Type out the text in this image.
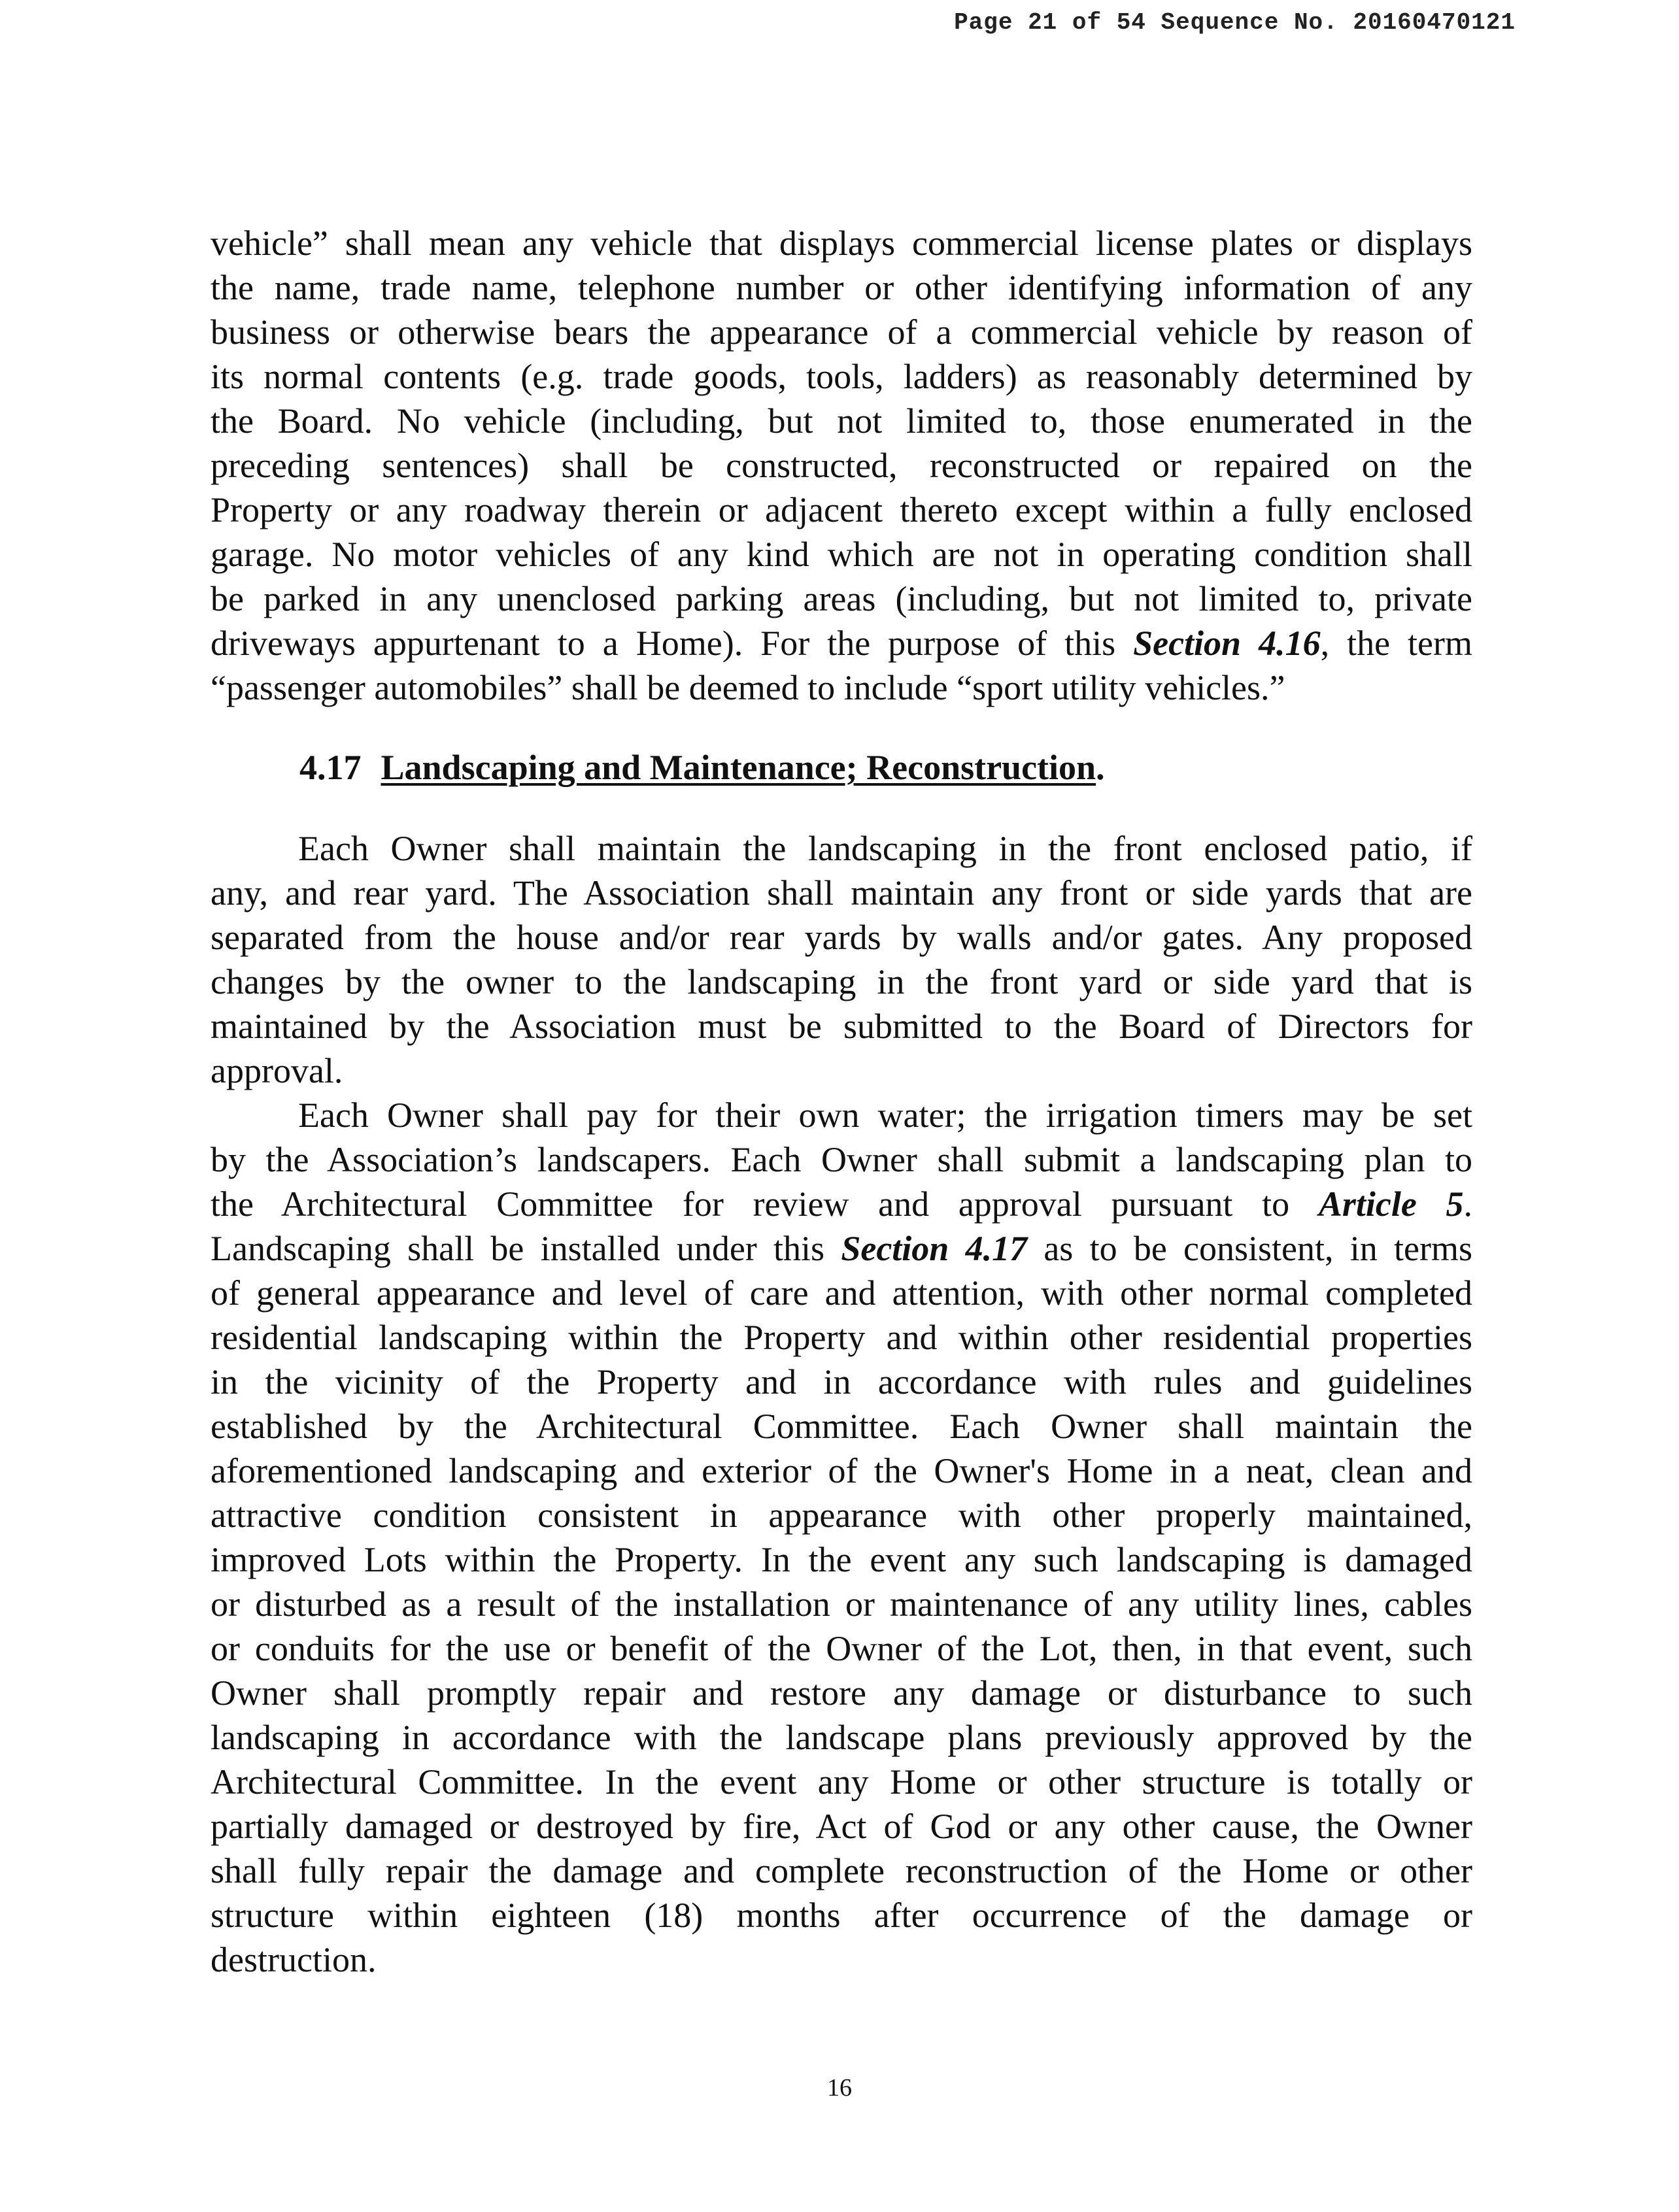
Page 21 of 54 Sequence No. 20160470121
vehicle” shall mean any vehicle that displays commercial license plates or displays
the name, trade name, telephone number or other identifying information of any
business or otherwise bears the appearance of a commercial vehicle by reason of
its normal contents (e.g. trade goods, tools, ladders) as reasonably determined by
the Board. No vehicle (including, but not limited to, those enumerated in the
preceding sentences) shall be constructed, reconstructed or repaired on the
Property or any roadway therein or adjacent thereto except within a fully enclosed
garage. No motor vehicles of any kind which are not in operating condition shall
be parked in any unenclosed parking areas (including, but not limited to, private
driveways appurtenant to a Home). For the purpose of this Section 4.16, the term
“passenger automobiles” shall be deemed to include “sport utility vehicles.”
4.17 Landscaping and Maintenance; Reconstruction.
Each Owner shall maintain the landscaping in the front enclosed patio, if
any, and rear yard. The Association shall maintain any front or side yards that are
separated from the house and/or rear yards by walls and/or gates. Any proposed
changes by the owner to the landscaping in the front yard or side yard that is
maintained by the Association must be submitted to the Board of Directors for
approval.
Each Owner shall pay for their own water; the irrigation timers may be set
by the Association’s landscapers. Each Owner shall submit a landscaping plan to
the Architectural Committee for review and approval pursuant to Article 5.
Landscaping shall be installed under this Section 4.17 as to be consistent, in terms
of general appearance and level of care and attention, with other normal completed
residential landscaping within the Property and within other residential properties
in the vicinity of the Property and in accordance with rules and guidelines
established by the Architectural Committee. Each Owner shall maintain the
aforementioned landscaping and exterior of the Owner's Home in a neat, clean and
attractive condition consistent in appearance with other properly maintained,
improved Lots within the Property. In the event any such landscaping is damaged
or disturbed as a result of the installation or maintenance of any utility lines, cables
or conduits for the use or benefit of the Owner of the Lot, then, in that event, such
Owner shall promptly repair and restore any damage or disturbance to such
landscaping in accordance with the landscape plans previously approved by the
Architectural Committee. In the event any Home or other structure is totally or
partially damaged or destroyed by fire, Act of God or any other cause, the Owner
shall fully repair the damage and complete reconstruction of the Home or other
structure within eighteen (18) months after occurrence of the damage or
destruction.
16
